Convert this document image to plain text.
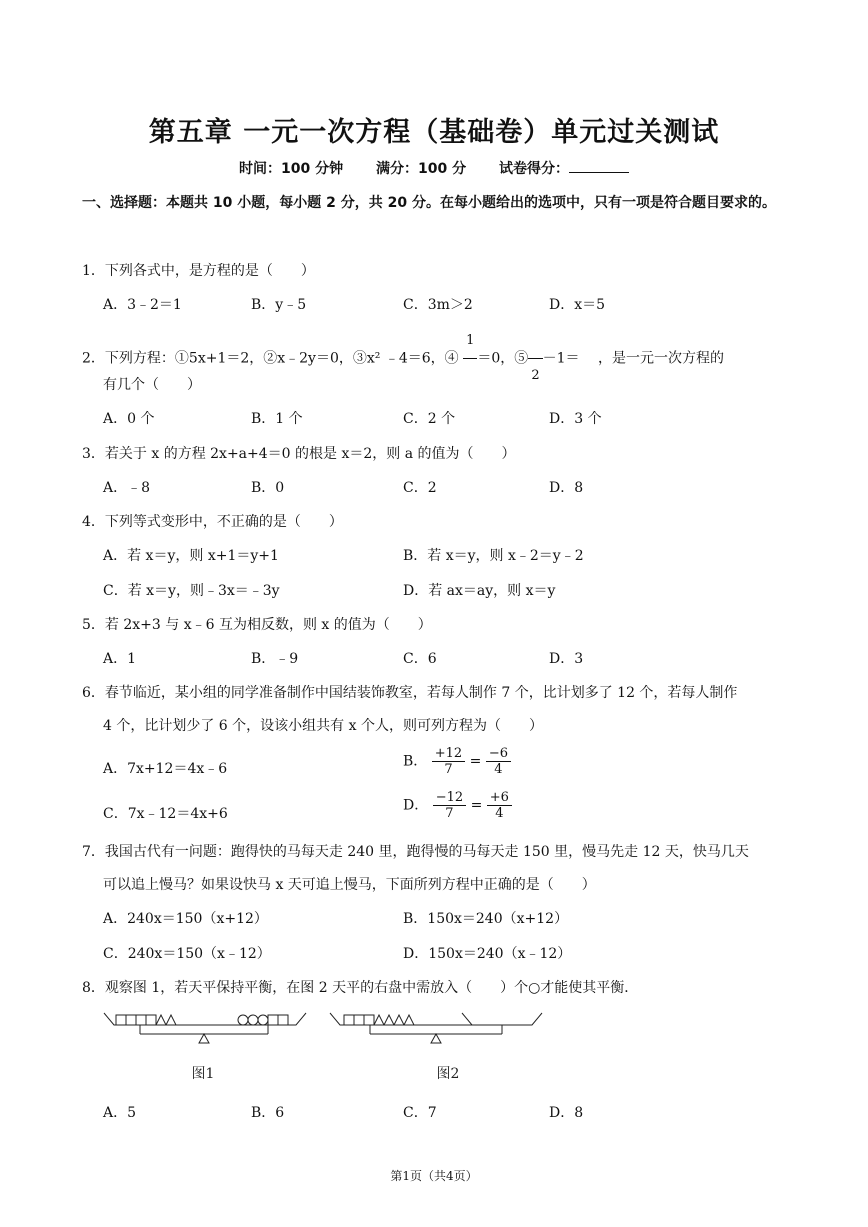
第五章 一元一次方程（基础卷）单元过关测试
时间：100 分钟 满分：100 分 试卷得分：
一、选择题：本题共 10 小题，每小题 2 分，共 20 分。在每小题给出的选项中，只有一项是符合题目要求的。
1．下列各式中，是方程的是（　　）
A．3﹣2＝1	B．y﹣5	C．3m＞2	D．x＝5
2．下列方程：①5x+1＝2，②x﹣2y＝0，③x² ﹣4＝6，④
1
＝0，⑤
2
－1＝ 　，是一元一次方程的
有几个（　　）
A．0 个	B．1 个	C．2 个	D．3 个
3．若关于 x 的方程 2x+a+4＝0 的根是 x＝2，则 a 的值为（　　）
A．﹣8	B．0	C．2	D．8
4．下列等式变形中，不正确的是（　　）
A．若 x＝y，则 x+1＝y+1	B．若 x＝y，则 x﹣2＝y﹣2
C．若 x＝y，则﹣3x＝﹣3y	D．若 ax＝ay，则 x＝y
5．若 2x+3 与 x﹣6 互为相反数，则 x 的值为（　　）
A．1	B．﹣9	C．6	D．3
6．春节临近，某小组的同学准备制作中国结装饰教室，若每人制作 7 个，比计划多了 12 个，若每人制作
4 个，比计划少了 6 个，设该小组共有 x 个人，则可列方程为（　　）
A．7x+12＝4x﹣6	B． $\frac{+12}{7} = \frac{-6}{4}$
C．7x﹣12＝4x+6
D． $\frac{-12}{7} = \frac{+6}{4}$
7．我国古代有一问题：跑得快的马每天走 240 里，跑得慢的马每天走 150 里，慢马先走 12 天，快马几天
可以追上慢马？如果设快马 x 天可追上慢马，下面所列方程中正确的是（　　）
A．240x＝150（x+12）	B．150x＝240（x+12）
C．240x＝150（x﹣12）	D．150x＝240（x﹣12）
8．观察图 1，若天平保持平衡，在图 2 天平的右盘中需放入（　　）个○才能使其平衡．
图1	图2
A．5	B．6	C．7	D．8
第1页（共4页）
